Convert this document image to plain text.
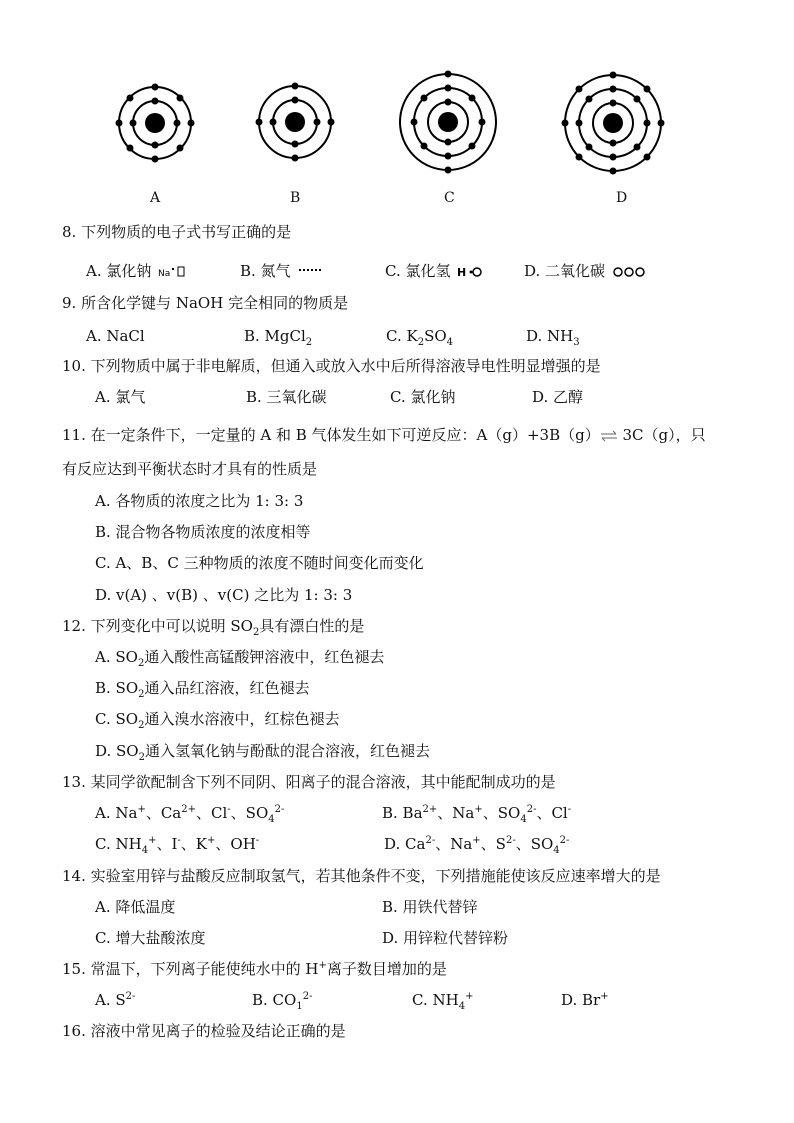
A	B	C	D
8. 下列物质的电子式书写正确的是
A. 氯化钠 Na	B. 氮气	C. 氯化氢 H	D. 二氧化碳
9. 所含化学键与 NaOH 完全相同的物质是
A. NaCl	B. MgCl$_2$	C. $K_2SO_4$	D. $NH_3$
10. 下列物质中属于非电解质，但通入或放入水中后所得溶液导电性明显增强的是
A. 氯气	B. 三氧化碳	C. 氯化钠	D. 乙醇
11. 在一定条件下，一定量的 A 和 B 气体发生如下可逆反应：A（g）+3B（g）⇌ 3C（g），只
有反应达到平衡状态时才具有的性质是
A. 各物质的浓度之比为 1: 3: 3
B. 混合物各物质浓度的浓度相等
C. A、B、C 三种物质的浓度不随时间变化而变化
D. v(A) 、v(B) 、v(C) 之比为 1: 3: 3
12. 下列变化中可以说明 $SO_2$具有漂白性的是
A. $SO_2$通入酸性高锰酸钾溶液中，红色褪去
B. $SO_2$通入品红溶液，红色褪去
C. $SO_2$通入溴水溶液中，红棕色褪去
D. $SO_2$通入氢氧化钠与酚酞的混合溶液，红色褪去
13. 某同学欲配制含下列不同阴、阳离子的混合溶液，其中能配制成功的是
A. Na+、$Ca^{2+}$、Cl-、$SO_4^{2-}$	B. $Ba^{2+}$、Na+、$SO_4^{2-}$、Cl-
C. $NH_4^+$、I-、K+、OH-	D. $Ca^{2-}$、Na+、$S^{2-}$、$SO_4^{2-}$
14. 实验室用锌与盐酸反应制取氢气，若其他条件不变，下列措施能使该反应速率增大的是
A. 降低温度	B. 用铁代替锌
C. 增大盐酸浓度	D. 用锌粒代替锌粉
15. 常温下，下列离子能使纯水中的 H+离子数目增加的是
A. $S^{2-}$	B. $CO_1^{2-}$	C. $NH_4^+$	D. Br+
16. 溶液中常见离子的检验及结论正确的是
